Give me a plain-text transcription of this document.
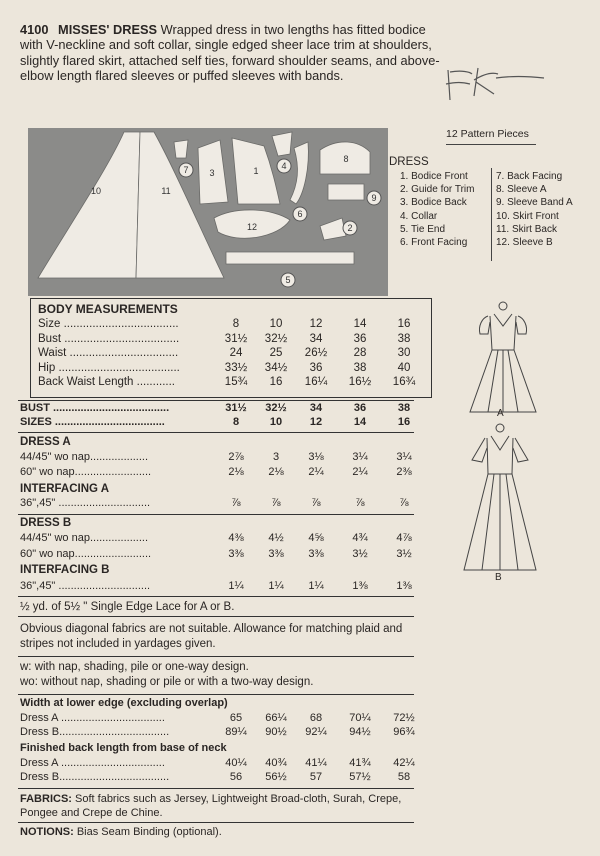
4100 MISSES' DRESS Wrapped dress in two lengths has fitted bodice with V-neckline and soft collar, single edged sheer lace trim at shoulders, slightly flared skirt, attached self ties, forward shoulder seams, and above-elbow length flared sleeves or puffed sleeves with bands.
12 Pattern Pieces
10	11
7 3	1	4
8
9
6
12	2
5
DRESS
1. Bodice Front
2. Guide for Trim
3. Bodice Back
4. Collar
5. Tie End
6. Front Facing
7. Back Facing
8. Sleeve A
9. Sleeve Band A
10. Skirt Front
11. Skirt Back
12. Sleeve B
BODY MEASUREMENTS
Size ....................................	8	10	12	14	16
Bust ....................................	31½	32½	34	36	38
Waist ..................................	24	25	26½	28	30
Hip ......................................	33½	34½	36	38	40
Back Waist Length ............	15¾	16	16¼	16½	16¾
BUST ......................................	31½	32½	34	36	38
SIZES ....................................	8	10	12	14	16
DRESS A
44/45" wo nap...................	2⅞	3	3⅛	3¼	3¼
60" wo nap.........................	2⅛	2⅛	2¼	2¼	2⅜
INTERFACING A
36",45" ..............................	⅞	⅞	⅞	⅞	⅞
DRESS B
44/45" wo nap...................	4⅜	4½	4⅝	4¾	4⅞
60" wo nap.........................	3⅜	3⅜	3⅜	3½	3½
INTERFACING B
36",45" ..............................	1¼	1¼	1¼	1⅜	1⅜
½ yd. of 5½ " Single Edge Lace for A or B.
Obvious diagonal fabrics are not suitable. Allowance for matching plaid and stripes not included in yardages given.
w: with nap, shading, pile or one-way design.
wo: without nap, shading or pile or with a two-way design.
Width at lower edge (excluding overlap)
Dress A ..................................	65	66¼	68	70¼	72½
Dress B....................................	89¼	90½	92¼	94½	96¾
Finished back length from base of neck
Dress A ..................................	40¼	40¾	41¼	41¾	42¼
Dress B....................................	56	56½	57	57½	58
FABRICS: Soft fabrics such as Jersey, Lightweight Broad-cloth, Surah, Crepe, Pongee and Crepe de Chine.
NOTIONS: Bias Seam Binding (optional).
A
B
